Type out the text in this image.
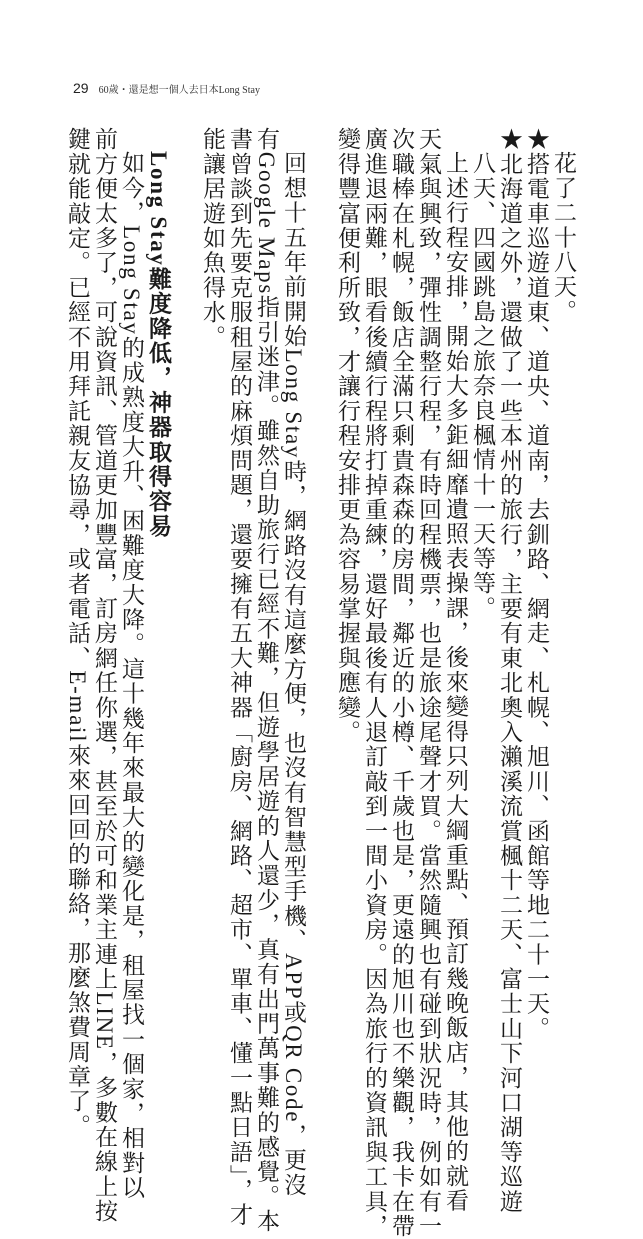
29 60歲・還是想一個人去日本Long Stay
花了二十八天。
★搭電車巡遊道東、道央、道南，去釧路、網走、札幌、旭川、函館等地二十一天。
★北海道之外，還做了一些本州的旅行，主要有東北奧入瀨溪流賞楓十二天、富士山下河口湖等巡遊
八天、四國跳島之旅奈良楓情十一天等等。
上述行程安排，開始大多鉅細靡遺照表操課，後來變得只列大綱重點、預訂幾晚飯店，其他的就看
天氣與興致，彈性調整行程，有時回程機票，也是旅途尾聲才買。當然隨興也有碰到狀況時，例如有一
次職棒在札幌，飯店全滿只剩貴森森的房間，鄰近的小樽、千歲也是，更遠的旭川也不樂觀，我卡在帶
廣進退兩難，眼看後續行程將打掉重練，還好最後有人退訂敲到一間小資房。因為旅行的資訊與工具，
變得豐富便利所致，才讓行程安排更為容易掌握與應變。
回想十五年前開始Long Stay時，網路沒有這麼方便，也沒有智慧型手機、APP或QR Code，更沒
有Google Maps指引迷津。雖然自助旅行已經不難，但遊學居遊的人還少，真有出門萬事難的感覺。本
書曾談到先要克服租屋的麻煩問題，還要擁有五大神器「廚房、網路、超市、單車、懂一點日語」，才
能讓居遊如魚得水。
Long Stay難度降低，神器取得容易
如今，Long Stay的成熟度大升、困難度大降。這十幾年來最大的變化是，租屋找一個家，相對以
前方便太多了，可說資訊、管道更加豐富，訂房網任你選，甚至於可和業主連上LINE，多數在線上按
鍵就能敲定。已經不用拜託親友協尋，或者電話、E-mail來來回回的聯絡，那麼煞費周章了。
